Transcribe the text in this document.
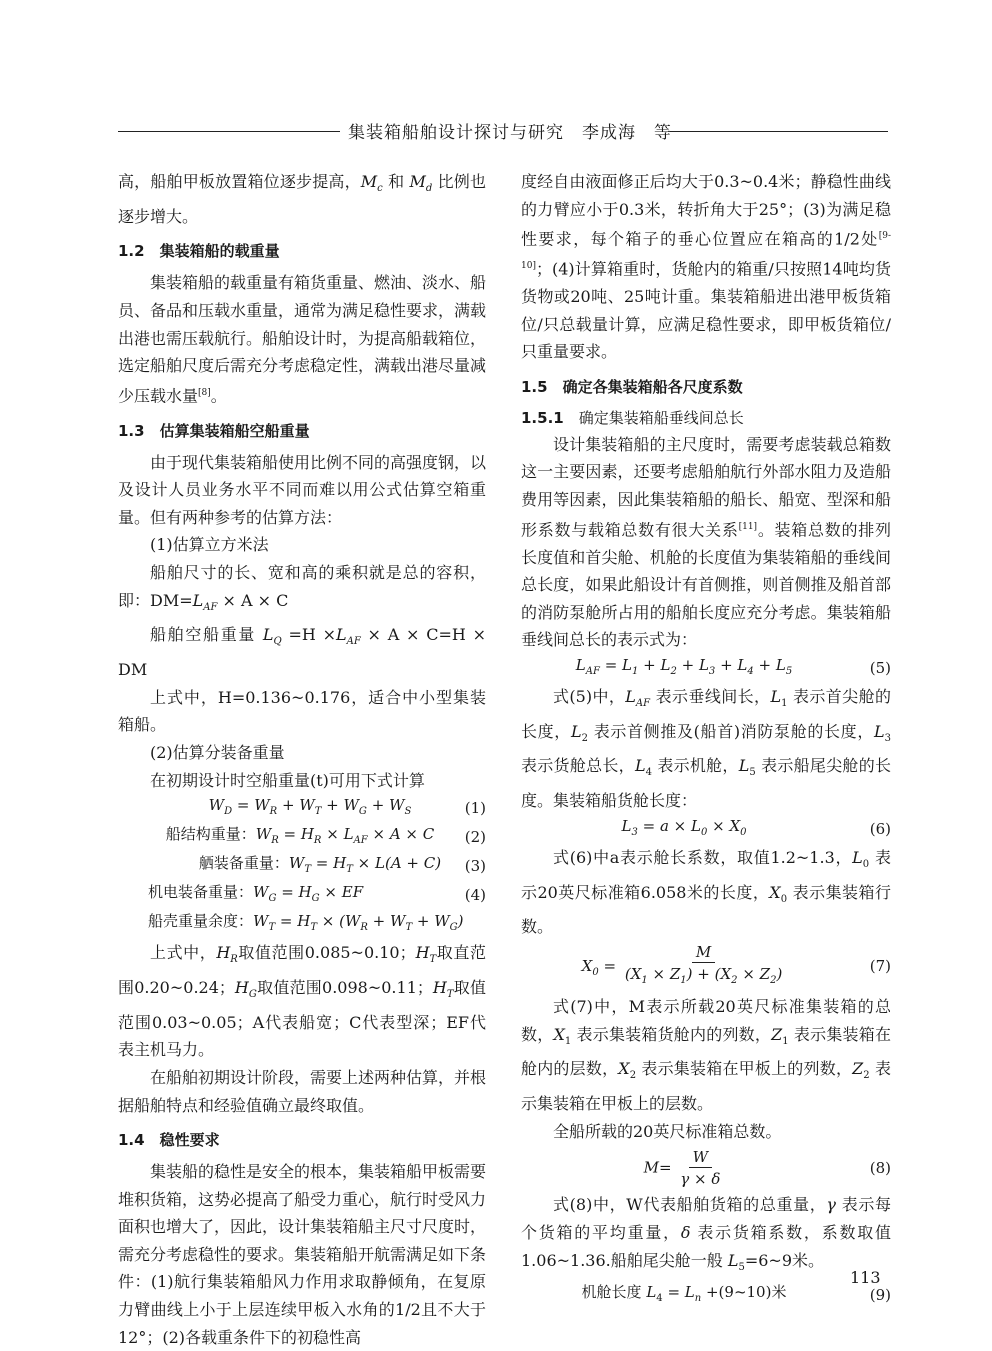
集装箱船舶设计探讨与研究　李成海　等

高，船舶甲板放置箱位逐步提高，$M_c$ 和 $M_d$ 比例也逐步增大。

1.2　集装箱船的载重量

集装箱船的载重量有箱货重量、燃油、淡水、船员、备品和压载水重量，通常为满足稳性要求，满载出港也需压载航行。船舶设计时，为提高船载箱位，选定船舶尺度后需充分考虑稳定性，满载出港尽量减少压载水量[8]。

1.3　估算集装箱船空船重量

由于现代集装箱船使用比例不同的高强度钢，以及设计人员业务水平不同而难以用公式估算空箱重量。但有两种参考的估算方法：

(1)估算立方米法

船舶尺寸的长、宽和高的乘积就是总的容积，即：$DM=L_{AF} \times A \times C$

船舶空船重量 $L_Q =H \times L_{AF} \times A \times C=H$ × DM

上式中，H=0.136~0.176，适合中小型集装箱船。

(2)估算分装备重量

在初期设计时空船重量(t)可用下式计算

$W_D = W_R + W_T + W_G + W_S$	(1)
船结构重量：$W_R = H_R \times L_{AF} \times A \times C$	(2)
舾装备重量：$W_T = H_T \times L(A + C)$	(3)
机电装备重量：$W_G = H_G$ × EF	(4)
船壳重量余度：$W_T = H_T \times (W_R + W_T + W_G)$

上式中，$H_R$取值范围0.085~0.10；$H_T$取直范围0.20~0.24；$H_G$取值范围0.098~0.11；$H_T$取值范围0.03~0.05；A代表船宽；C代表型深；EF代表主机马力。

在船舶初期设计阶段，需要上述两种估算，并根据船舶特点和经验值确立最终取值。

1.4　稳性要求

集装船的稳性是安全的根本，集装箱船甲板需要堆积货箱，这势必提高了船受力重心，航行时受风力面积也增大了，因此，设计集装箱船主尺寸尺度时，需充分考虑稳性的要求。集装箱船开航需满足如下条件：(1)航行集装箱船风力作用求取静倾角，在复原力臂曲线上小于上层连续甲板入水角的1/2且不大于12°；(2)各载重条件下的初稳性高

度经自由液面修正后均大于0.3~0.4米；静稳性曲线的力臂应小于0.3米，转折角大于25°；(3)为满足稳性要求，每个箱子的垂心位置应在箱高的1/2处[9-10]；(4)计算箱重时，货舱内的箱重/只按照14吨均货货物或20吨、25吨计重。集装箱船进出港甲板货箱位/只总载量计算，应满足稳性要求，即甲板货箱位/只重量要求。

1.5　确定各集装箱船各尺度系数
1.5.1　确定集装箱船垂线间总长

设计集装箱船的主尺度时，需要考虑装载总箱数这一主要因素，还要考虑船舶航行外部水阻力及造船费用等因素，因此集装箱船的船长、船宽、型深和船形系数与载箱总数有很大关系[11]。装箱总数的排列长度值和首尖舱、机舱的长度值为集装箱船的垂线间总长度，如果此船设计有首侧推，则首侧推及船首部的消防泵舱所占用的船舶长度应充分考虑。集装箱船垂线间总长的表示式为：

$L_{AF} = L_1 + L_2 + L_3 + L_4 + L_5$	(5)

式(5)中，$L_{AF}$ 表示垂线间长，$L_1$ 表示首尖舱的长度，$L_2$ 表示首侧推及(船首)消防泵舱的长度，$L_3$ 表示货舱总长，$L_4$ 表示机舱，$L_5$ 表示船尾尖舱的长度。集装箱船货舱长度：

$L_3 = a \times L_0 \times X_0$	(6)

式(6)中a表示舱长系数，取值1.2~1.3，$L_0$ 表示20英尺标准箱6.058米的长度，$X_0$ 表示集装箱行数。

$X_0 = \frac{M}{(X_1 \times Z_1) + (X_2 \times Z_2)}$	(7)

式(7)中，M表示所载20英尺标准集装箱的总数，$X_1$ 表示集装箱货舱内的列数，$Z_1$ 表示集装箱在舱内的层数，$X_2$ 表示集装箱在甲板上的列数，$Z_2$ 表示集装箱在甲板上的层数。

全船所载的20英尺标准箱总数。

$M= \frac{W}{\gamma \times \delta}$	(8)

式(8)中，W代表船舶货箱的总重量，γ 表示每个货箱的平均重量，δ 表示货箱系数，系数取值1.06~1.36.船舶尾尖舱一般 $L_5=6\sim 9$米。

机舱长度 $L_4 = L_n$ +(9~10)米	(9)
113
